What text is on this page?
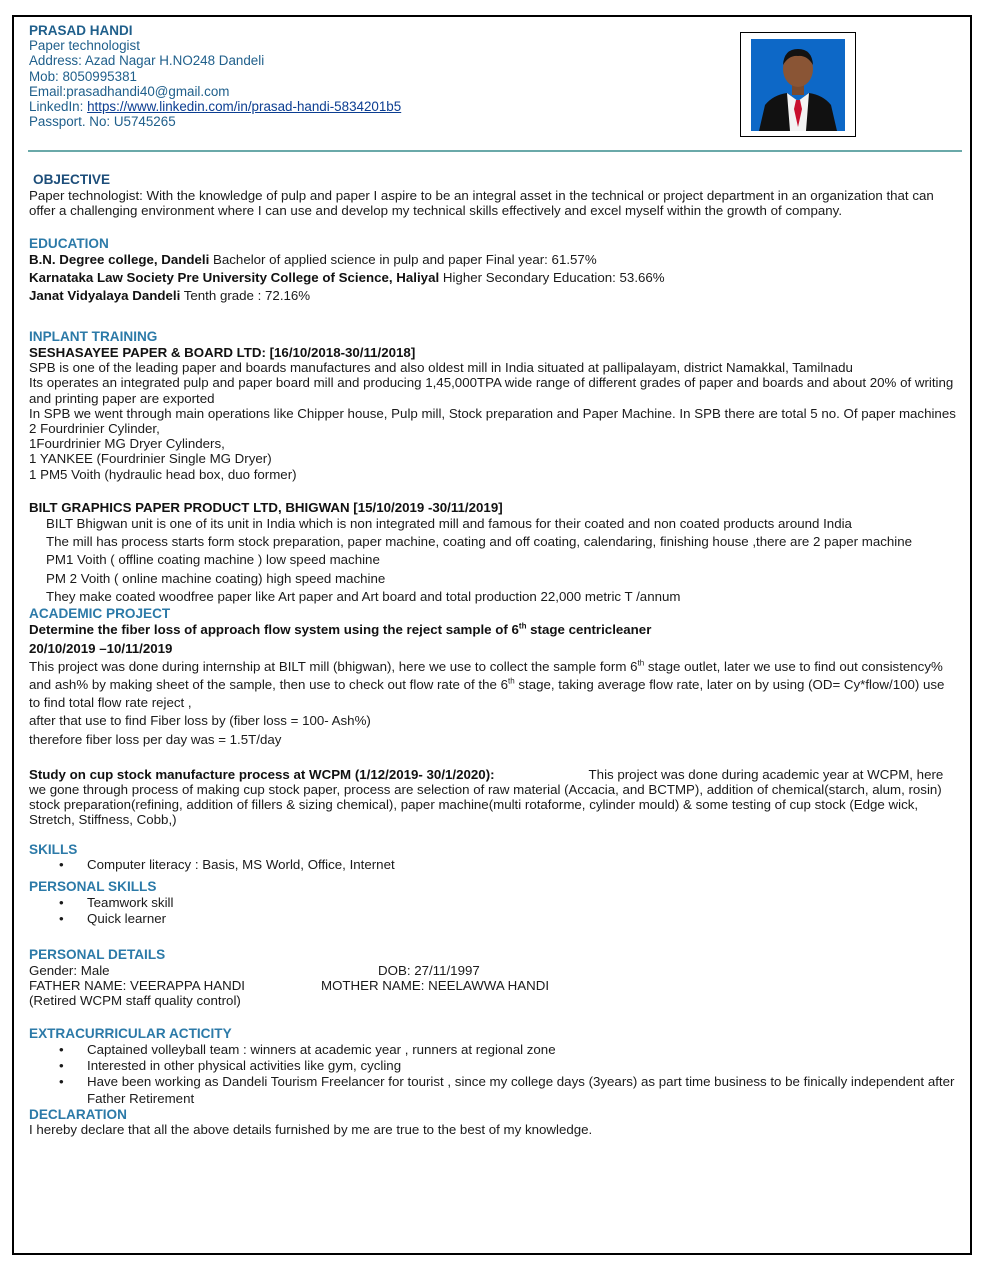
PRASAD HANDI
Paper technologist
Address: Azad Nagar H.NO248 Dandeli
Mob: 8050995381
Email:prasadhandi40@gmail.com
LinkedIn: https://www.linkedin.com/in/prasad-handi-5834201b5
Passport. No: U5745265
OBJECTIVE

Paper technologist: With the knowledge of pulp and paper I aspire to be an integral asset in the technical or project department in an organization that can offer a challenging environment where I can use and develop my technical skills effectively and excel myself within the growth of company.

EDUCATION

B.N. Degree college, Dandeli Bachelor of applied science in pulp and paper Final year: 61.57%

Karnataka Law Society Pre University College of Science, Haliyal Higher Secondary Education: 53.66%

Janat Vidyalaya Dandeli Tenth grade : 72.16%

INPLANT TRAINING

SESHASAYEE PAPER & BOARD LTD: [16/10/2018-30/11/2018]

SPB is one of the leading paper and boards manufactures and also oldest mill in India situated at pallipalayam, district Namakkal, Tamilnadu

Its operates an integrated pulp and paper board mill and producing 1,45,000TPA wide range of different grades of paper and boards and about 20% of writing and printing paper are exported

In SPB we went through main operations like Chipper house, Pulp mill, Stock preparation and Paper Machine. In SPB there are total 5 no. Of paper machines

2 Fourdrinier Cylinder,

1Fourdrinier MG Dryer Cylinders,

1 YANKEE (Fourdrinier Single MG Dryer)

1 PM5 Voith (hydraulic head box, duo former)

BILT GRAPHICS PAPER PRODUCT LTD, BHIGWAN [15/10/2019 -30/11/2019]

BILT Bhigwan unit is one of its unit in India which is non integrated mill and famous for their coated and non coated products around India

The mill has process starts form stock preparation, paper machine, coating and off coating, calendaring, finishing house ,there are 2 paper machine

PM1 Voith ( offline coating machine ) low speed machine

PM 2 Voith ( online machine coating) high speed machine

They make coated woodfree paper like Art paper and Art board and total production 22,000 metric T /annum

ACADEMIC PROJECT

Determine the fiber loss of approach flow system using the reject sample of 6th stage centricleaner

20/10/2019 –10/11/2019

This project was done during internship at BILT mill (bhigwan), here we use to collect the sample form 6th stage outlet, later we use to find out consistency% and ash% by making sheet of the sample, then use to check out flow rate of the 6th stage, taking average flow rate, later on by using (OD= Cy*flow/100) use to find total flow rate reject ,

after that use to find Fiber loss by (fiber loss = 100- Ash%)

therefore fiber loss per day was = 1.5T/day

Study on cup stock manufacture process at WCPM (1/12/2019- 30/1/2020):	This project was done during academic year at WCPM, here we gone through process of making cup stock paper, process are selection of raw material (Accacia, and BCTMP), addition of chemical(starch, alum, rosin) stock preparation(refining, addition of fillers & sizing chemical), paper machine(multi rotaforme, cylinder mould) & some testing of cup stock (Edge wick, Stretch, Stiffness, Cobb,)

SKILLS
• Computer literacy : Basis, MS World, Office, Internet
PERSONAL SKILLS
• Teamwork skill
• Quick learner
PERSONAL DETAILS
Gender: Male	DOB: 27/11/1997
FATHER NAME: VEERAPPA HANDI	MOTHER NAME: NEELAWWA HANDI

(Retired WCPM staff quality control)

EXTRACURRICULAR ACTICITY
• Captained volleyball team : winners at academic year , runners at regional zone
• Interested in other physical activities like gym, cycling
• Have been working as Dandeli Tourism Freelancer for tourist , since my college days (3years) as part time business to be finically independent after Father Retirement
DECLARATION

I hereby declare that all the above details furnished by me are true to the best of my knowledge.
